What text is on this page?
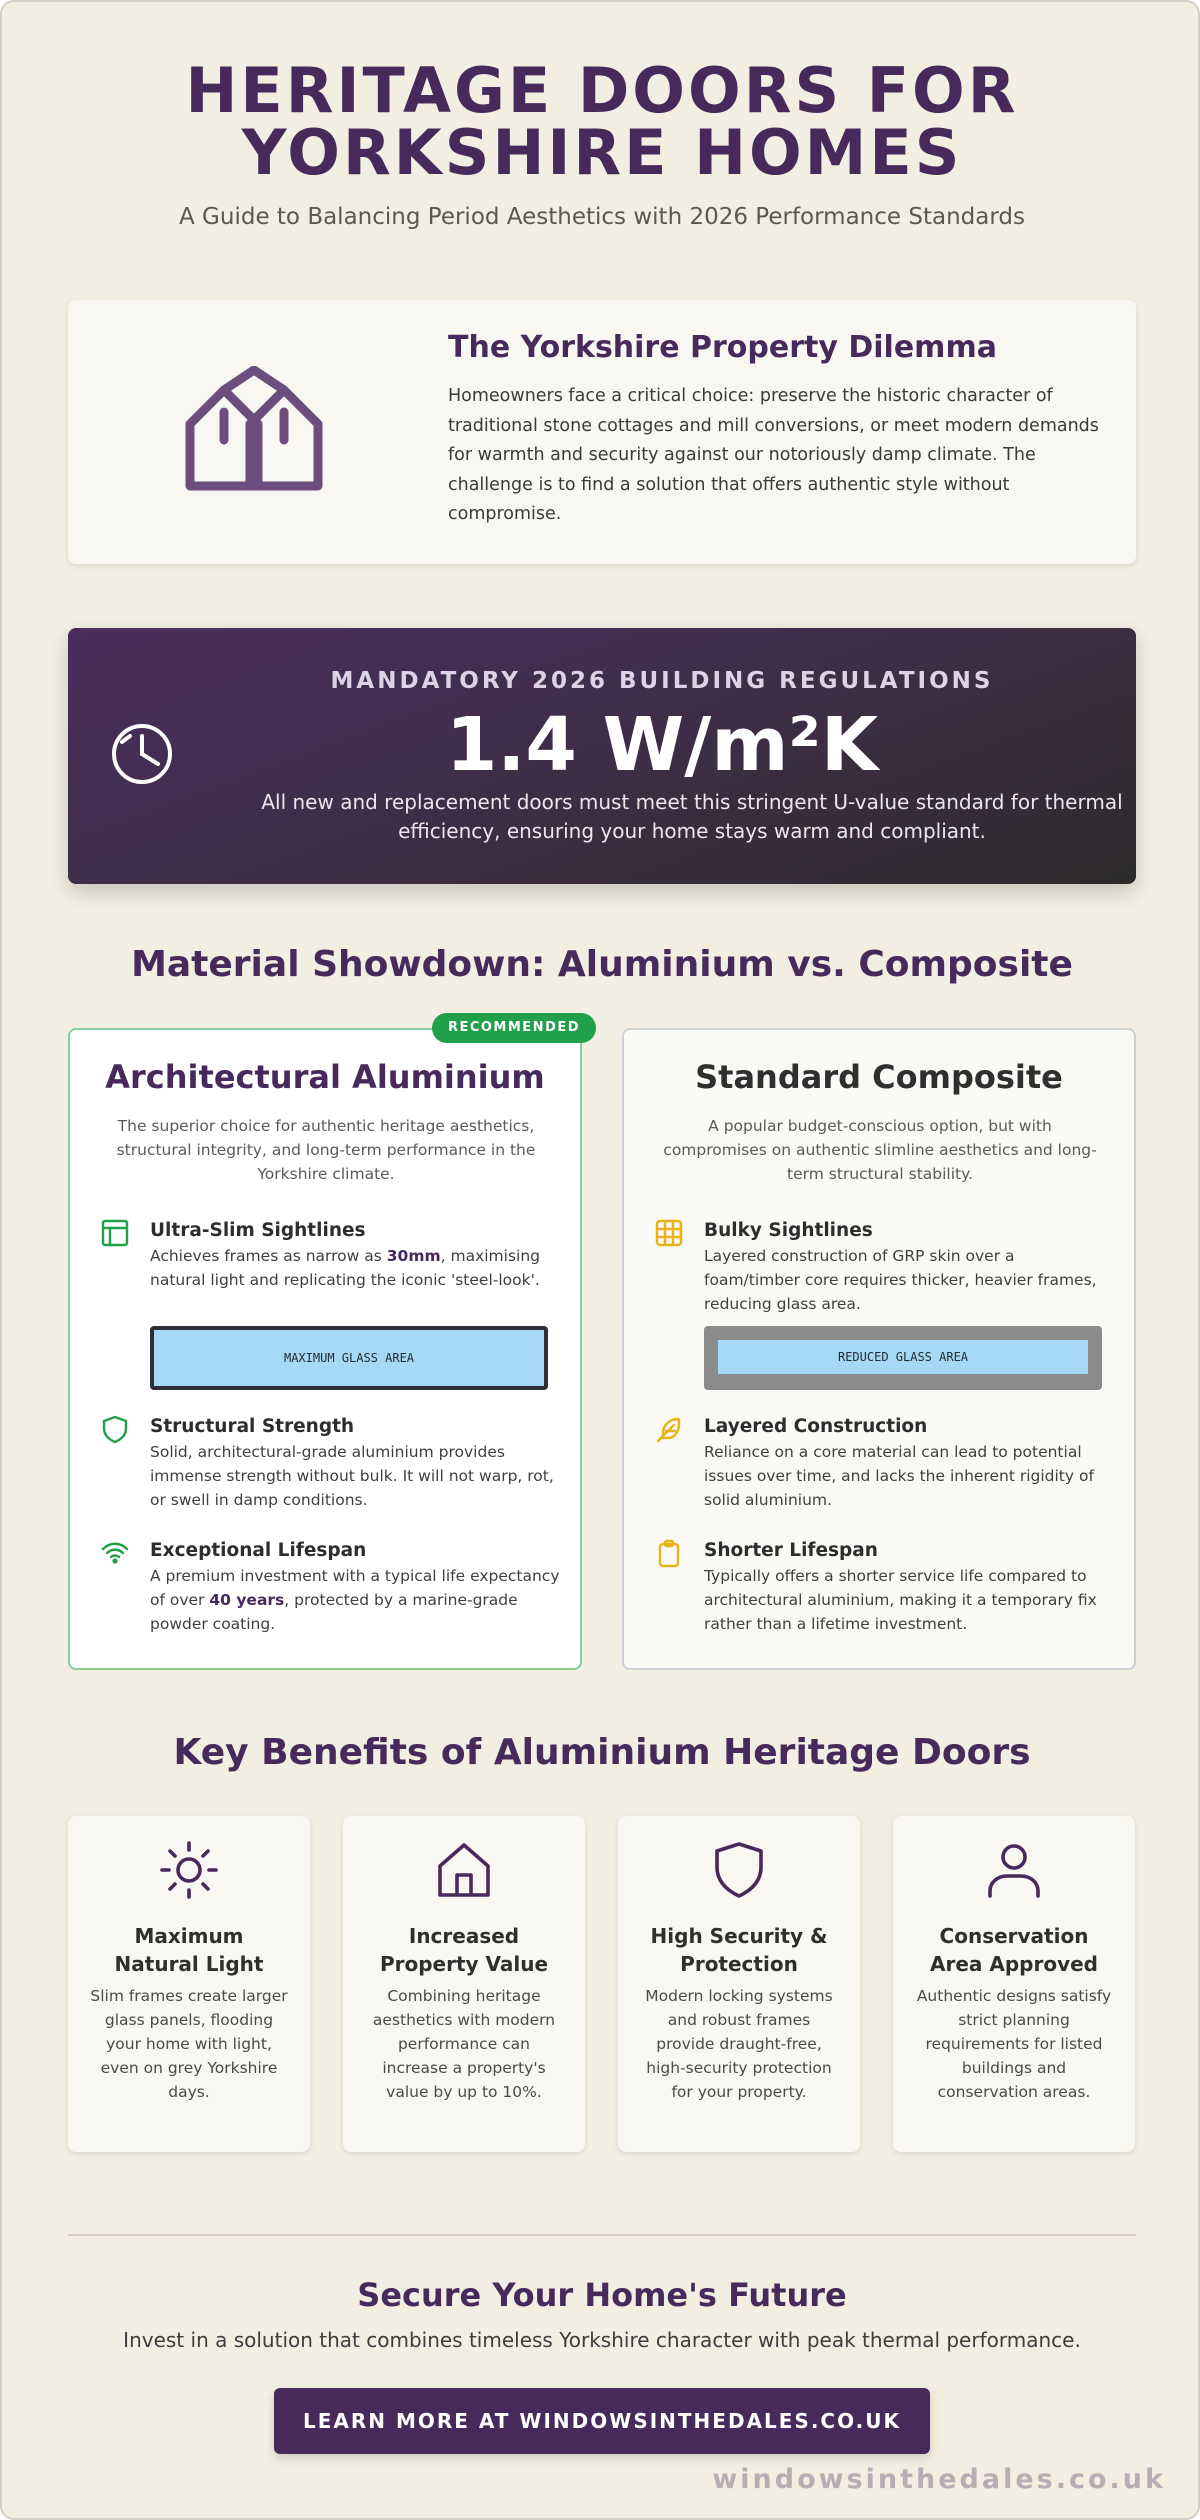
HERITAGE DOORS FOR
YORKSHIRE HOMES
A Guide to Balancing Period Aesthetics with 2026 Performance Standards
The Yorkshire Property Dilemma

Homeowners face a critical choice: preserve the historic character of traditional stone cottages and mill conversions, or meet modern demands for warmth and security against our notoriously damp climate. The challenge is to find a solution that offers authentic style without compromise.

MANDATORY 2026 BUILDING REGULATIONS
1.4 W/m²K
All new and replacement doors must meet this stringent U-value standard for thermal efficiency, ensuring your home stays warm and compliant.
Material Showdown: Aluminium vs. Composite
Architectural Aluminium

The superior choice for authentic heritage aesthetics, structural integrity, and long-term performance in the Yorkshire climate.

Ultra-Slim Sightlines

Achieves frames as narrow as 30mm, maximising natural light and replicating the iconic 'steel-look'.

MAXIMUM GLASS AREA
Structural Strength

Solid, architectural-grade aluminium provides immense strength without bulk. It will not warp, rot, or swell in damp conditions.

Exceptional Lifespan

A premium investment with a typical life expectancy of over 40 years, protected by a marine-grade powder coating.

RECOMMENDED
Standard Composite

A popular budget-conscious option, but with compromises on authentic slimline aesthetics and long-term structural stability.

Bulky Sightlines

Layered construction of GRP skin over a foam/timber core requires thicker, heavier frames, reducing glass area.

REDUCED GLASS AREA
Layered Construction

Reliance on a core material can lead to potential issues over time, and lacks the inherent rigidity of solid aluminium.

Shorter Lifespan

Typically offers a shorter service life compared to architectural aluminium, making it a temporary fix rather than a lifetime investment.

Key Benefits of Aluminium Heritage Doors
Maximum
Natural Light

Slim frames create larger glass panels, flooding your home with light, even on grey Yorkshire days.

Increased
Property Value

Combining heritage aesthetics with modern performance can increase a property's value by up to 10%.

High Security &
Protection

Modern locking systems and robust frames provide draught-free, high-security protection for your property.

Conservation
Area Approved

Authentic designs satisfy strict planning requirements for listed buildings and conservation areas.

Secure Your Home's Future

Invest in a solution that combines timeless Yorkshire character with peak thermal performance.

LEARN MORE AT WINDOWSINTHEDALES.CO.UK
windowsinthedales.co.uk
